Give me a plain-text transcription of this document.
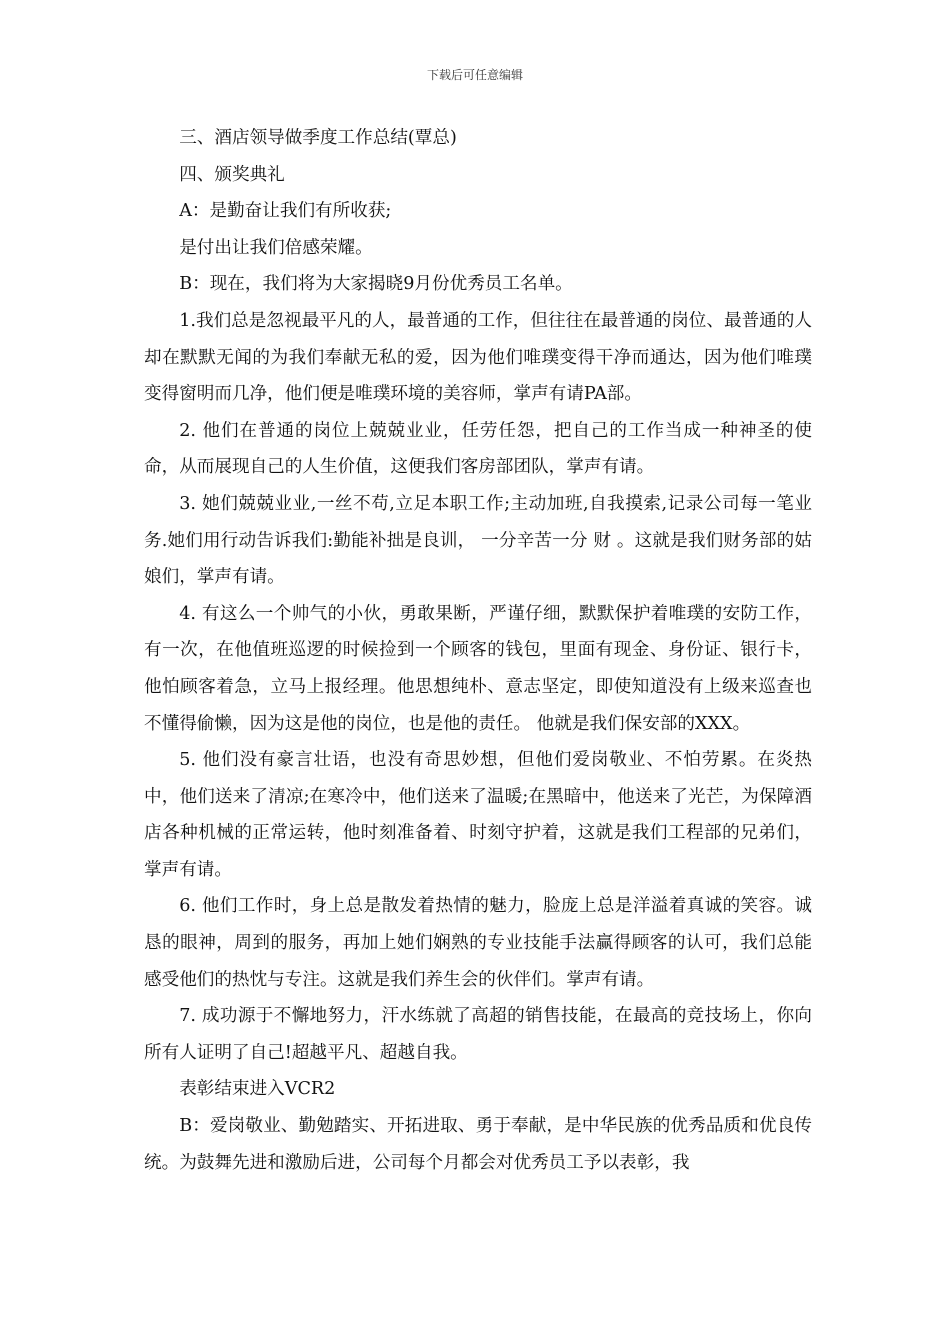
下载后可任意编辑

三、酒店领导做季度工作总结(覃总)

四、颁奖典礼

A：是勤奋让我们有所收获;

是付出让我们倍感荣耀。

B：现在，我们将为大家揭晓9月份优秀员工名单。

1.我们总是忽视最平凡的人，最普通的工作，但往往在最普通的岗位、最普通的人却在默默无闻的为我们奉献无私的爱，因为他们唯璞变得干净而通达，因为他们唯璞变得窗明而几净，他们便是唯璞环境的美容师，掌声有请PA部。

2. 他们在普通的岗位上兢兢业业，任劳任怨，把自己的工作当成一种神圣的使命，从而展现自己的人生价值，这便我们客房部团队，掌声有请。

3. 她们兢兢业业,一丝不苟,立足本职工作;主动加班,自我摸索,记录公司每一笔业务.她们用行动告诉我们:勤能补拙是良训， 一分辛苦一分 财 。这就是我们财务部的姑娘们，掌声有请。

4. 有这么一个帅气的小伙，勇敢果断，严谨仔细，默默保护着唯璞的安防工作，有一次，在他值班巡逻的时候捡到一个顾客的钱包，里面有现金、身份证、银行卡，他怕顾客着急，立马上报经理。他思想纯朴、意志坚定，即使知道没有上级来巡查也不懂得偷懒，因为这是他的岗位，也是他的责任。 他就是我们保安部的XXX。

5. 他们没有豪言壮语，也没有奇思妙想，但他们爱岗敬业、不怕劳累。在炎热中，他们送来了清凉;在寒冷中，他们送来了温暖;在黑暗中，他送来了光芒，为保障酒店各种机械的正常运转，他时刻准备着、时刻守护着，这就是我们工程部的兄弟们，掌声有请。

6. 他们工作时，身上总是散发着热情的魅力，脸庞上总是洋溢着真诚的笑容。诚恳的眼神，周到的服务，再加上她们娴熟的专业技能手法赢得顾客的认可，我们总能感受他们的热忱与专注。这就是我们养生会的伙伴们。掌声有请。

7. 成功源于不懈地努力，汗水练就了高超的销售技能，在最高的竞技场上，你向所有人证明了自己!超越平凡、超越自我。

表彰结束进入VCR2

B：爱岗敬业、勤勉踏实、开拓进取、勇于奉献，是中华民族的优秀品质和优良传统。为鼓舞先进和激励后进，公司每个月都会对优秀员工予以表彰，我
